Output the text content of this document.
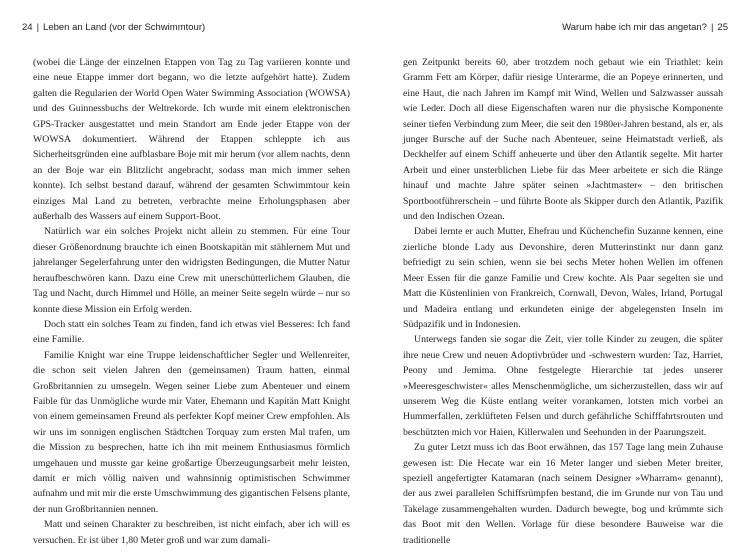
24 | Leben an Land (vor der Schwimmtour)

(wobei die Länge der einzelnen Etappen von Tag zu Tag variieren konnte und eine neue Etappe immer dort begann, wo die letzte aufgehört hatte). Zudem galten die Regularien der World Open Water Swimming Association (WOWSA) und des Guinnessbuchs der Weltrekorde. Ich wurde mit einem elektronischen GPS-Tracker ausgestattet und mein Standort am Ende jeder Etappe von der WOWSA dokumentiert. Während der Etappen schleppte ich aus Sicherheitsgründen eine aufblasbare Boje mit mir herum (vor allem nachts, denn an der Boje war ein Blitzlicht angebracht, sodass man mich immer sehen konnte). Ich selbst bestand darauf, während der gesamten Schwimmtour kein einziges Mal Land zu betreten, verbrachte meine Erholungsphasen aber außerhalb des Wassers auf einem Support-Boot.

Natürlich war ein solches Projekt nicht allein zu stemmen. Für eine Tour dieser Größenordnung brauchte ich einen Bootskapitän mit stählernem Mut und jahrelanger Segelerfahrung unter den widrigsten Bedingungen, die Mutter Natur heraufbeschwören kann. Dazu eine Crew mit unerschütterlichem Glauben, die Tag und Nacht, durch Himmel und Hölle, an meiner Seite segeln würde – nur so konnte diese Mission ein Erfolg werden.

Doch statt ein solches Team zu finden, fand ich etwas viel Besseres: Ich fand eine Familie.

Familie Knight war eine Truppe leidenschaftlicher Segler und Wellenreiter, die schon seit vielen Jahren den (gemeinsamen) Traum hatten, einmal Großbritannien zu umsegeln. Wegen seiner Liebe zum Abenteuer und einem Faible für das Unmögliche wurde mir Vater, Ehemann und Kapitän Matt Knight von einem gemeinsamen Freund als perfekter Kopf meiner Crew empfohlen. Als wir uns im sonnigen englischen Städtchen Torquay zum ersten Mal trafen, um die Mission zu besprechen, hatte ich ihn mit meinem Enthusiasmus förmlich umgehauen und musste gar keine großartige Überzeugungsarbeit mehr leisten, damit er mich völlig naiven und wahnsinnig optimistischen Schwimmer aufnahm und mit mir die erste Umschwimmung des gigantischen Felsens plante, der nun Großbritannien nennen.

Matt und seinen Charakter zu beschreiben, ist nicht einfach, aber ich will es versuchen. Er ist über 1,80 Meter groß und war zum damali-

Warum habe ich mir das angetan? | 25

gen Zeitpunkt bereits 60, aber trotzdem noch gebaut wie ein Triathlet: kein Gramm Fett am Körper, dafür riesige Unterarme, die an Popeye erinnerten, und eine Haut, die nach Jahren im Kampf mit Wind, Wellen und Salzwasser aussah wie Leder. Doch all diese Eigenschaften waren nur die physische Komponente seiner tiefen Verbindung zum Meer, die seit den 1980er-Jahren bestand, als er, als junger Bursche auf der Suche nach Abenteuer, seine Heimatstadt verließ, als Deckhelfer auf einem Schiff anheuerte und über den Atlantik segelte. Mit harter Arbeit und einer unsterblichen Liebe für das Meer arbeitete er sich die Ränge hinauf und machte Jahre später seinen »Jachtmaster« – den britischen Sportbootführerschein – und führte Boote als Skipper durch den Atlantik, Pazifik und den Indischen Ozean.

Dabei lernte er auch Mutter, Ehefrau und Küchenchefin Suzanne kennen, eine zierliche blonde Lady aus Devonshire, deren Mutterinstinkt nur dann ganz befriedigt zu sein schien, wenn sie bei sechs Meter hohen Wellen im offenen Meer Essen für die ganze Familie und Crew kochte. Als Paar segelten sie und Matt die Küstenlinien von Frankreich, Cornwall, Devon, Wales, Irland, Portugal und Madeira entlang und erkundeten einige der abgelegensten Inseln im Südpazifik und in Indonesien.

Unterwegs fanden sie sogar die Zeit, vier tolle Kinder zu zeugen, die später ihre neue Crew und neuen Adoptivbrüder und -schwestern wurden: Taz, Harriet, Peony und Jemima. Ohne festgelegte Hierarchie tat jedes unserer »Meeresgeschwister« alles Menschenmögliche, um sicherzustellen, dass wir auf unserem Weg die Küste entlang weiter vorankamen, lotsten mich vorbei an Hummerfallen, zerklüfteten Felsen und durch gefährliche Schifffahrtsrouten und beschützten mich vor Haien, Killerwalen und Seehunden in der Paarungszeit.

Zu guter Letzt muss ich das Boot erwähnen, das 157 Tage lang mein Zuhause gewesen ist: Die Hecate war ein 16 Meter langer und sieben Meter breiter, speziell angefertigter Katamaran (nach seinem Designer »Wharram« genannt), der aus zwei parallelen Schiffsrümpfen bestand, die im Grunde nur von Tau und Takelage zusammengehalten wurden. Dadurch bewegte, bog und krümmte sich das Boot mit den Wellen. Vorlage für diese besondere Bauweise war die traditionelle
